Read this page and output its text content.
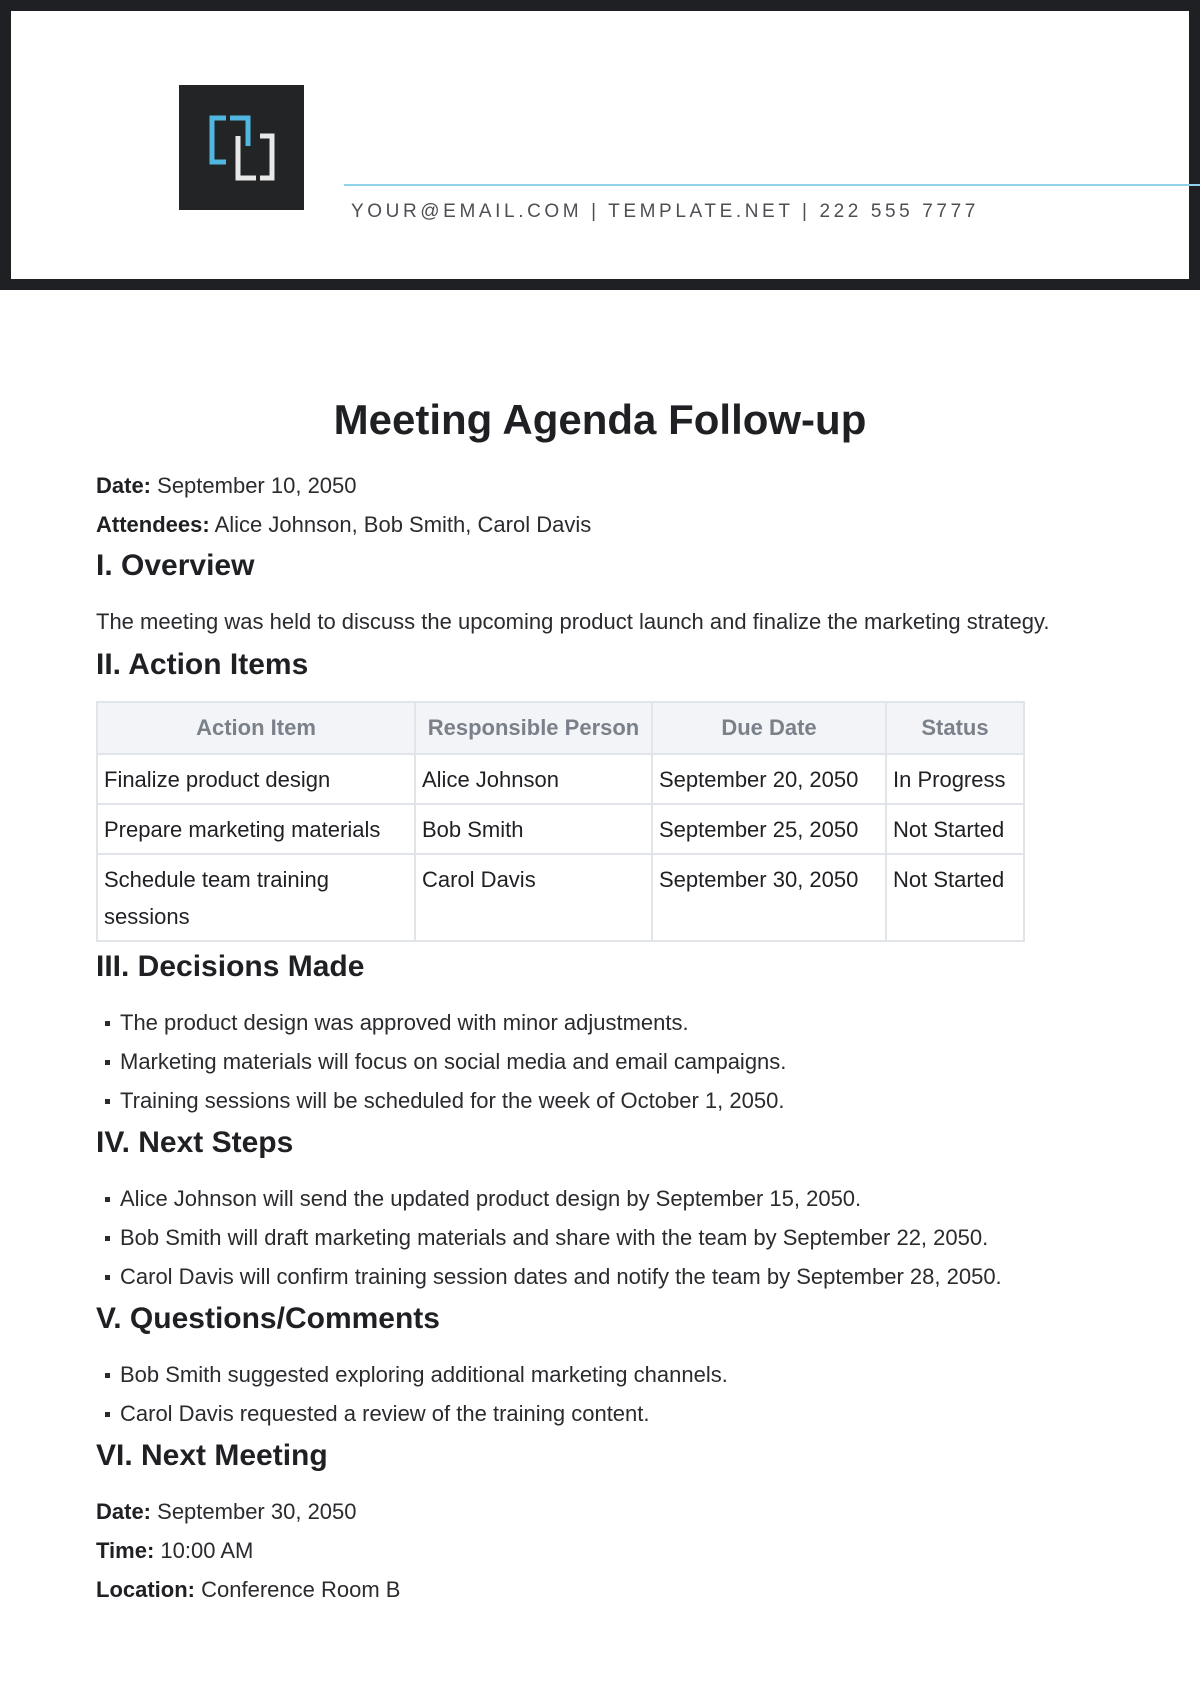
YOUR@EMAIL.COM | TEMPLATE.NET | 222 555 7777
Meeting Agenda Follow-up
Date: September 10, 2050
Attendees: Alice Johnson, Bob Smith, Carol Davis
I. Overview

The meeting was held to discuss the upcoming product launch and finalize the marketing strategy.

II. Action Items
Action Item	Responsible Person	Due Date	Status
Finalize product design	Alice Johnson	September 20, 2050	In Progress
Prepare marketing materials	Bob Smith	September 25, 2050	Not Started
Schedule team training sessions	Carol Davis	September 30, 2050	Not Started
III. Decisions Made
The product design was approved with minor adjustments.
Marketing materials will focus on social media and email campaigns.
Training sessions will be scheduled for the week of October 1, 2050.
IV. Next Steps
Alice Johnson will send the updated product design by September 15, 2050.
Bob Smith will draft marketing materials and share with the team by September 22, 2050.
Carol Davis will confirm training session dates and notify the team by September 28, 2050.
V. Questions/Comments
Bob Smith suggested exploring additional marketing channels.
Carol Davis requested a review of the training content.
VI. Next Meeting
Date: September 30, 2050
Time: 10:00 AM
Location: Conference Room B
